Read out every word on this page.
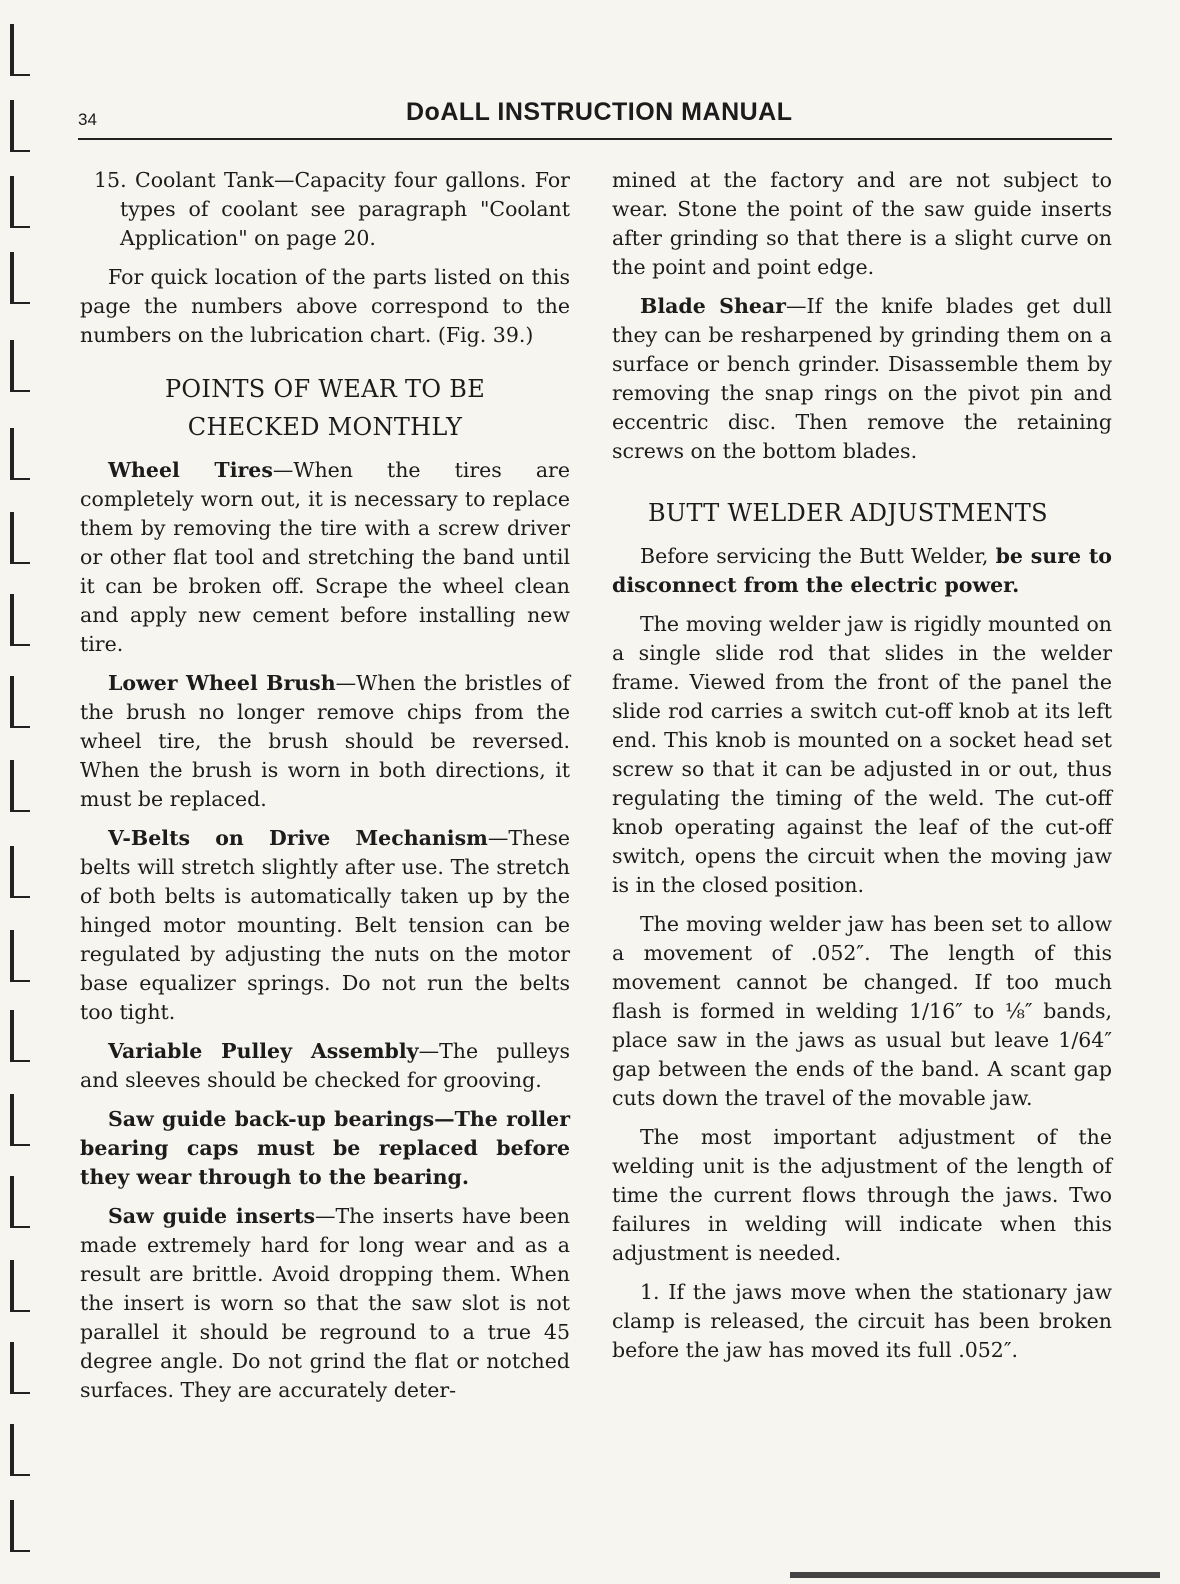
34	DoALL INSTRUCTION MANUAL

15. Coolant Tank—Capacity four gallons. For types of coolant see paragraph "Coolant Application" on page 20.

For quick location of the parts listed on this page the numbers above correspond to the numbers on the lubrication chart. (Fig. 39.)

POINTS OF WEAR TO BE
CHECKED MONTHLY

Wheel Tires—When the tires are completely worn out, it is necessary to replace them by removing the tire with a screw driver or other flat tool and stretching the band until it can be broken off. Scrape the wheel clean and apply new cement before installing new tire.

Lower Wheel Brush—When the bristles of the brush no longer remove chips from the wheel tire, the brush should be reversed. When the brush is worn in both directions, it must be replaced.

V-Belts on Drive Mechanism—These belts will stretch slightly after use. The stretch of both belts is automatically taken up by the hinged motor mounting. Belt tension can be regulated by adjusting the nuts on the motor base equalizer springs. Do not run the belts too tight.

Variable Pulley Assembly—The pulleys and sleeves should be checked for grooving.

Saw guide back-up bearings—The roller bearing caps must be replaced before they wear through to the bearing.

Saw guide inserts—The inserts have been made extremely hard for long wear and as a result are brittle. Avoid dropping them. When the insert is worn so that the saw slot is not parallel it should be reground to a true 45 degree angle. Do not grind the flat or notched surfaces. They are accurately deter-

mined at the factory and are not subject to wear. Stone the point of the saw guide inserts after grinding so that there is a slight curve on the point and point edge.

Blade Shear—If the knife blades get dull they can be resharpened by grinding them on a surface or bench grinder. Disassemble them by removing the snap rings on the pivot pin and eccentric disc. Then remove the retaining screws on the bottom blades.

BUTT WELDER ADJUSTMENTS

Before servicing the Butt Welder, be sure to disconnect from the electric power.

The moving welder jaw is rigidly mounted on a single slide rod that slides in the welder frame. Viewed from the front of the panel the slide rod carries a switch cut-off knob at its left end. This knob is mounted on a socket head set screw so that it can be adjusted in or out, thus regulating the timing of the weld. The cut-off knob operating against the leaf of the cut-off switch, opens the circuit when the moving jaw is in the closed position.

The moving welder jaw has been set to allow a movement of .052″. The length of this movement cannot be changed. If too much flash is formed in welding 1/16″ to ⅛″ bands, place saw in the jaws as usual but leave 1/64″ gap between the ends of the band. A scant gap cuts down the travel of the movable jaw.

The most important adjustment of the welding unit is the adjustment of the length of time the current flows through the jaws. Two failures in welding will indicate when this adjustment is needed.

1. If the jaws move when the stationary jaw clamp is released, the circuit has been broken before the jaw has moved its full .052″.
